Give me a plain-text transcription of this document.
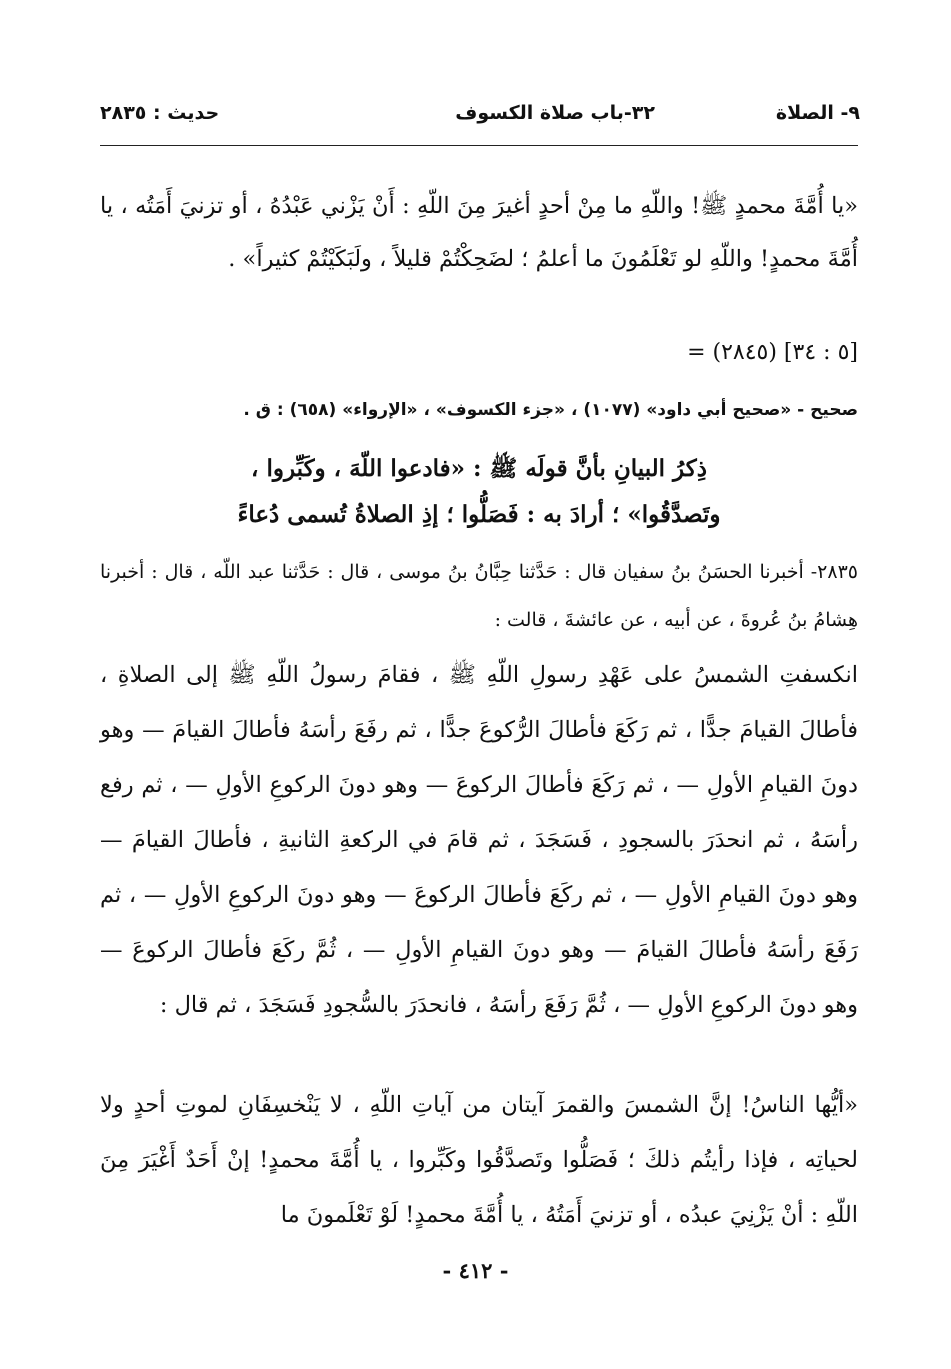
٩- الصلاة
٣٢-باب صلاة الكسوف
حديث : ٢٨٣٥
«يا أُمَّةَ محمدٍ ﷺ! واللّهِ ما مِنْ أحدٍ أغيرَ مِنَ اللّهِ : أَنْ يَزْني عَبْدُهُ ، أو تزنيَ أَمَتُه ، يا أُمَّةَ محمدٍ! واللّهِ لو تَعْلَمُونَ ما أعلمُ ؛ لضَحِكْتُمْ قليلاً ، ولَبَكَيْتُمْ كثيراً» .
= (٢٨٤٥) [٥ : ٣٤]
صحيح - «صحيح أبي داود» (١٠٧٧) ، «جزء الكسوف» ، «الإرواء» (٦٥٨) : ق .
ذِكرُ البيانِ بأنَّ قولَه ﷺ : «فادعوا اللّهَ ، وكَبِّروا ،
وتَصدَّقُوا» ؛ أرادَ به : فَصَلُّوا ؛ إذِ الصلاةُ تُسمى دُعاءً
٢٨٣٥- أخبرنا الحسَنُ بنُ سفيان قال : حَدَّثنا حِبَّانُ بنُ موسى ، قال : حَدَّثنا عبد اللّه ، قال : أخبرنا هِشامُ بنُ عُروةَ ، عن أبيه ، عن عائشةَ ، قالت :
انكسفتِ الشمسُ على عَهْدِ رسولِ اللّهِ ﷺ ، فقامَ رسولُ اللّهِ ﷺ إلى الصلاةِ ، فأطالَ القيامَ جدًّا ، ثم رَكَعَ فأطالَ الرُّكوعَ جدًّا ، ثم رفَعَ رأسَهُ فأطالَ القيامَ — وهو دونَ القيامِ الأولِ — ، ثم رَكَعَ فأطالَ الركوعَ — وهو دونَ الركوعِ الأولِ — ، ثم رفع رأسَهُ ، ثم انحدَرَ بالسجودِ ، فَسَجَدَ ، ثم قامَ في الركعةِ الثانيةِ ، فأطالَ القيامَ — وهو دونَ القيامِ الأولِ — ، ثم ركَعَ فأطالَ الركوعَ — وهو دونَ الركوعِ الأولِ — ، ثم رَفَعَ رأسَهُ فأطالَ القيامَ — وهو دونَ القيامِ الأولِ — ، ثُمَّ ركَعَ فأطالَ الركوعَ — وهو دونَ الركوعِ الأولِ — ، ثُمَّ رَفَعَ رأسَهُ ، فانحدَرَ بالسُّجودِ فَسَجَدَ ، ثم قال :
«أيُّها الناسُ! إنَّ الشمسَ والقمرَ آيتان من آياتِ اللّهِ ، لا يَنْخسِفَانِ لموتِ أحدٍ ولا لحياتِه ، فإذا رأيتُم ذلكَ ؛ فَصَلُّوا وتَصدَّقُوا وكَبِّروا ، يا أُمَّةَ محمدٍ! إنْ أَحَدٌ أَغْيَرَ مِنَ اللّهِ : أنْ يَزْنِيَ عبدُه ، أو تزنيَ أَمَتُهُ ، يا أُمَّةَ محمدٍ! لَوْ تَعْلَمونَ ما
- ٤١٢ -
